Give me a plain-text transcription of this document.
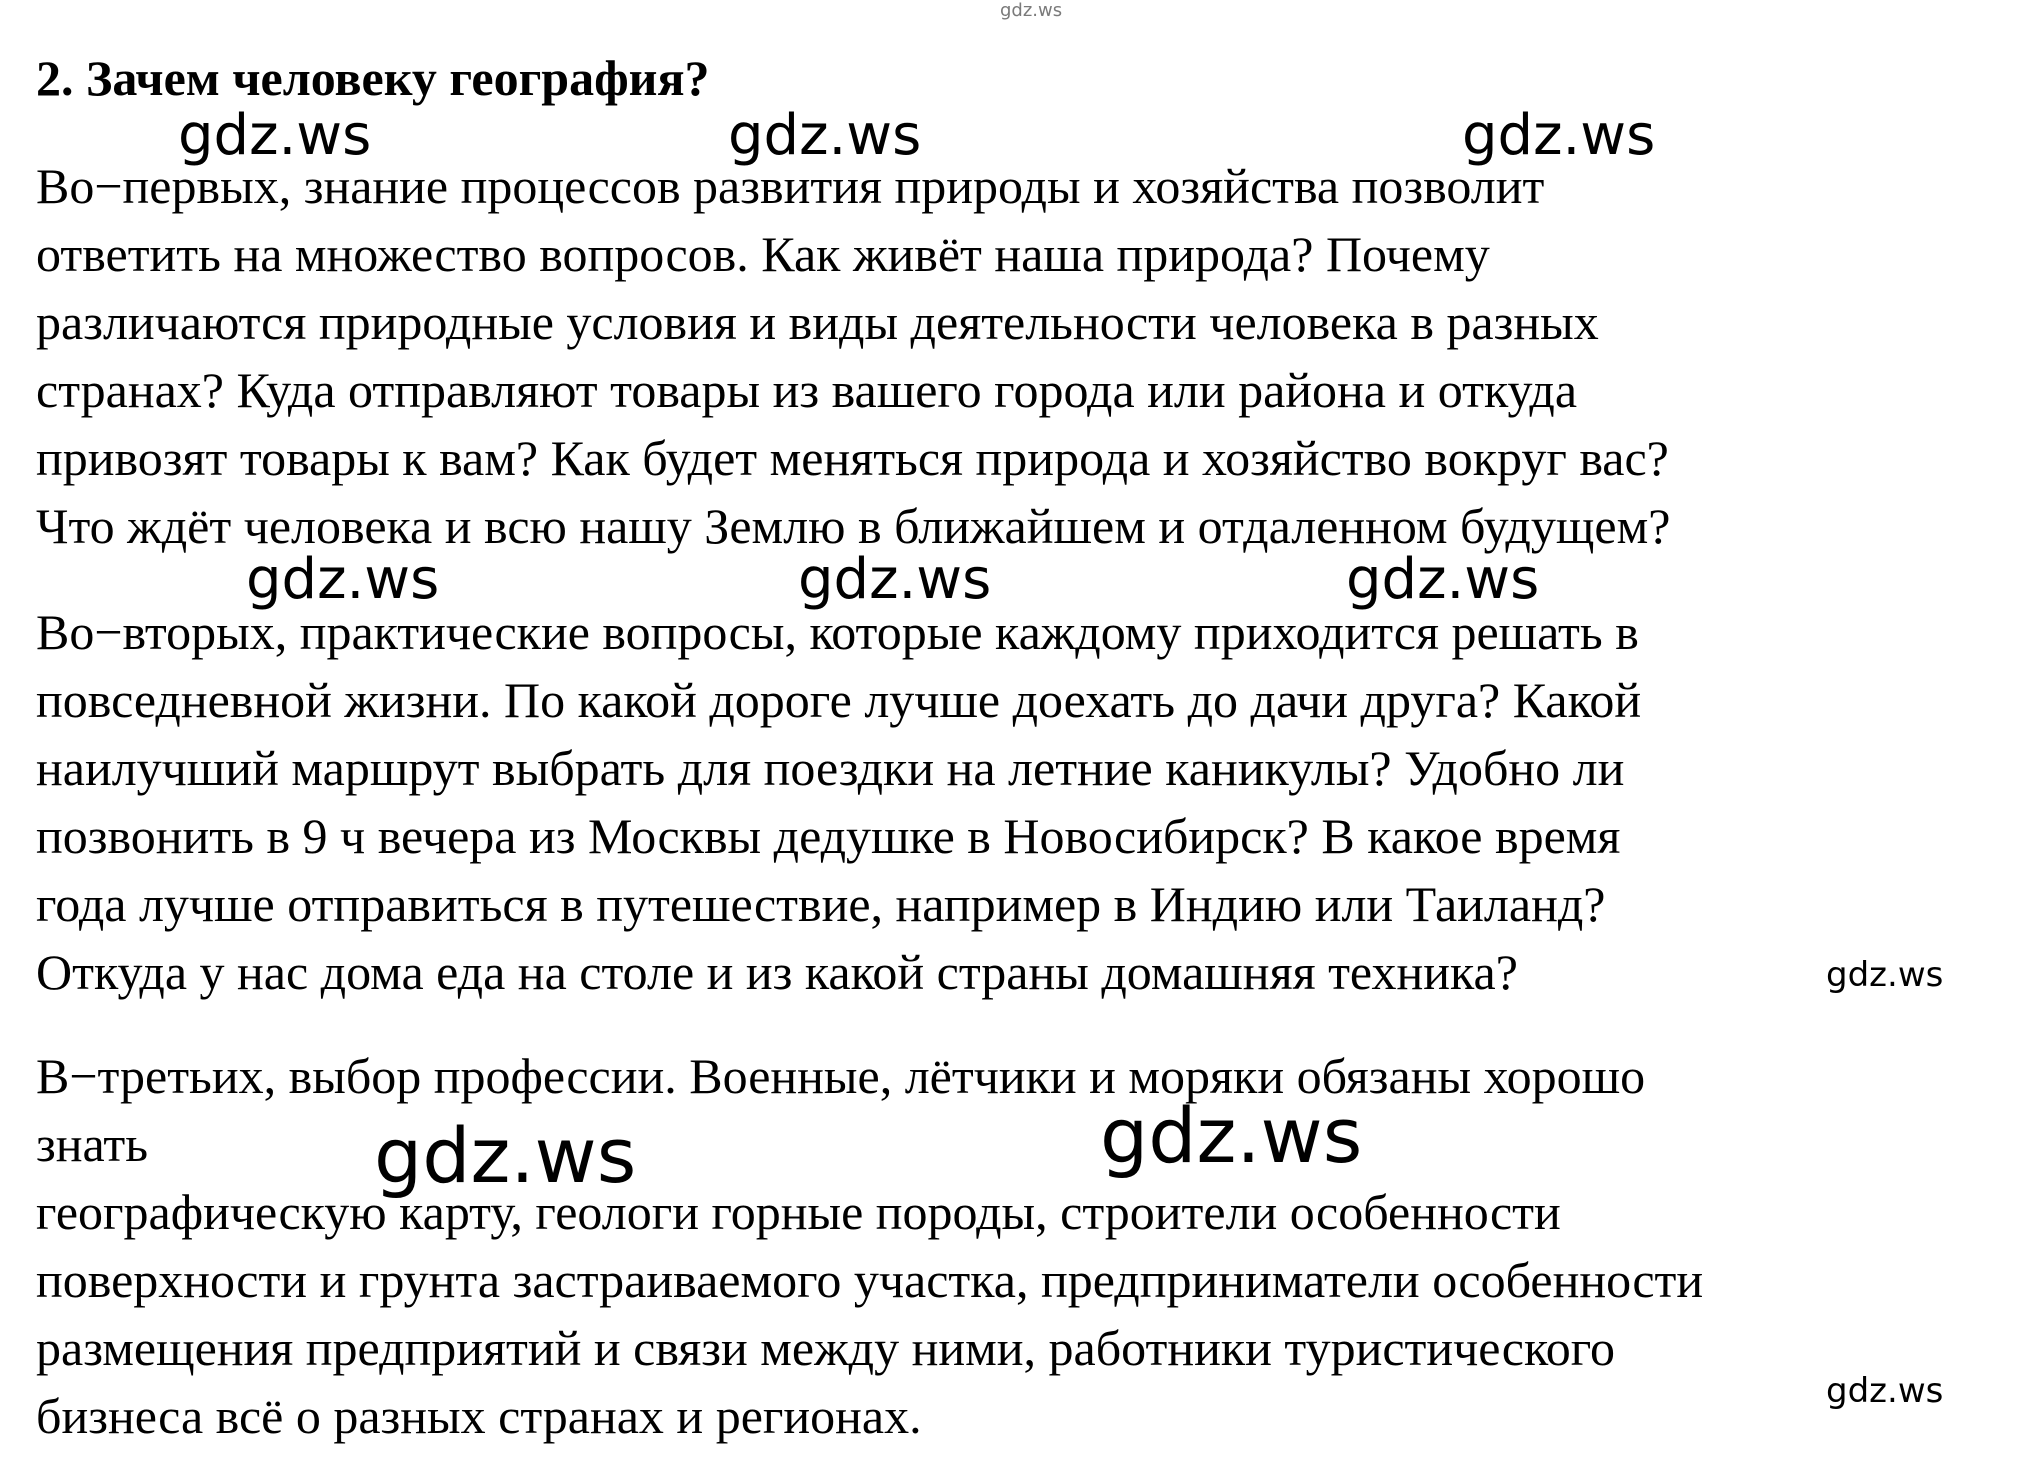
2. Зачем человеку география?
Во−первых, знание процессов развития природы и хозяйства позволит
ответить на множество вопросов. Как живёт наша природа? Почему
различаются природные условия и виды деятельности человека в разных
странах? Куда отправляют товары из вашего города или района и откуда
привозят товары к вам? Как будет меняться природа и хозяйство вокруг вас?
Что ждёт человека и всю нашу Землю в ближайшем и отдаленном будущем?
Во−вторых, практические вопросы, которые каждому приходится решать в
повседневной жизни. По какой дороге лучше доехать до дачи друга? Какой
наилучший маршрут выбрать для поездки на летние каникулы? Удобно ли
позвонить в 9 ч вечера из Москвы дедушке в Новосибирск? В какое время
года лучше отправиться в путешествие, например в Индию или Таиланд?
Откуда у нас дома еда на столе и из какой страны домашняя техника?
В−третьих, выбор профессии. Военные, лётчики и моряки обязаны хорошо
знать
географическую карту, геологи горные породы, строители особенности
поверхности и грунта застраиваемого участка, предприниматели особенности
размещения предприятий и связи между ними, работники туристического
бизнеса всё о разных странах и регионах.
gdz.ws
gdz.ws	gdz.ws	gdz.ws
gdz.ws	gdz.ws	gdz.ws
gdz.ws
gdz.ws	gdz.ws
gdz.ws
